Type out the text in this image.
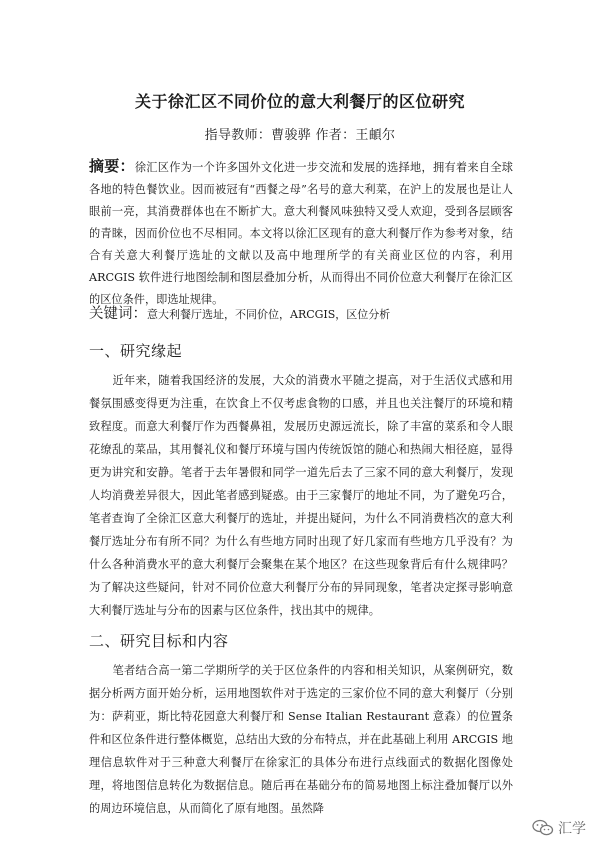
关于徐汇区不同价位的意大利餐厅的区位研究
指导教师：曹骏骅 作者：王頔尔
摘要：徐汇区作为一个许多国外文化进一步交流和发展的选择地，拥有着来自全球各地的特色餐饮业。因而被冠有“西餐之母”名号的意大利菜，在沪上的发展也是让人眼前一亮，其消费群体也在不断扩大。意大利餐风味独特又受人欢迎，受到各层顾客的青睐，因而价位也不尽相同。本文将以徐汇区现有的意大利餐厅作为参考对象，结合有关意大利餐厅选址的文献以及高中地理所学的有关商业区位的内容，利用 ARCGIS 软件进行地图绘制和图层叠加分析，从而得出不同价位意大利餐厅在徐汇区的区位条件，即选址规律。
关键词：意大利餐厅选址，不同价位，ARCGIS，区位分析
一、研究缘起
近年来，随着我国经济的发展，大众的消费水平随之提高，对于生活仪式感和用餐氛围感变得更为注重，在饮食上不仅考虑食物的口感，并且也关注餐厅的环境和精致程度。而意大利餐厅作为西餐鼻祖，发展历史源远流长，除了丰富的菜系和令人眼花缭乱的菜品，其用餐礼仪和餐厅环境与国内传统饭馆的随心和热闹大相径庭，显得更为讲究和安静。笔者于去年暑假和同学一道先后去了三家不同的意大利餐厅，发现人均消费差异很大，因此笔者感到疑惑。由于三家餐厅的地址不同，为了避免巧合，笔者查询了全徐汇区意大利餐厅的选址，并提出疑问，为什么不同消费档次的意大利餐厅选址分布有所不同？为什么有些地方同时出现了好几家而有些地方几乎没有？为什么各种消费水平的意大利餐厅会聚集在某个地区？在这些现象背后有什么规律吗？为了解决这些疑问，针对不同价位意大利餐厅分布的异同现象，笔者决定探寻影响意大利餐厅选址与分布的因素与区位条件，找出其中的规律。
二、研究目标和内容
笔者结合高一第二学期所学的关于区位条件的内容和相关知识，从案例研究，数据分析两方面开始分析，运用地图软件对于选定的三家价位不同的意大利餐厅（分别为：萨莉亚，斯比特花园意大利餐厅和 Sense Italian Restaurant 意森）的位置条件和区位条件进行整体概览，总结出大致的分布特点，并在此基础上利用 ARCGIS 地理信息软件对于三种意大利餐厅在徐家汇的具体分布进行点线面式的数据化图像处理，将地图信息转化为数据信息。随后再在基础分布的简易地图上标注叠加餐厅以外的周边环境信息，从而简化了原有地图。虽然降
汇学
